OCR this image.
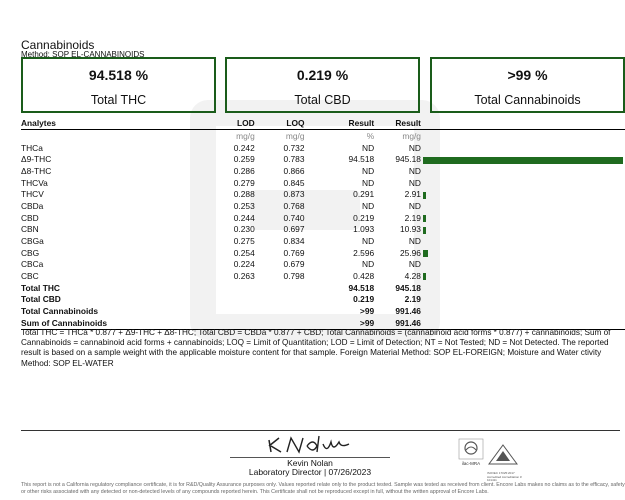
Cannabinoids
Method: SOP EL-CANNABINOIDS
94.518 %
Total THC
0.219 %
Total CBD
>99 %
Total Cannabinoids
Analytes	LOD	LOQ	Result	Result	
	mg/g	mg/g	%	mg/g	
THCa	0.242	0.732	ND	ND	
Δ9-THC	0.259	0.783	94.518	945.18	
Δ8-THC	0.286	0.866	ND	ND	
THCVa	0.279	0.845	ND	ND	
THCV	0.288	0.873	0.291	2.91	
CBDa	0.253	0.768	ND	ND	
CBD	0.244	0.740	0.219	2.19	
CBN	0.230	0.697	1.093	10.93	
CBGa	0.275	0.834	ND	ND	
CBG	0.254	0.769	2.596	25.96	
CBCa	0.224	0.679	ND	ND	
CBC	0.263	0.798	0.428	4.28	
Total THC			94.518	945.18	
Total CBD			0.219	2.19	
Total Cannabinoids			>99	991.46	
Sum of Cannabinoids			>99	991.46	
Total THC = THCa * 0.877 + Δ9-THC + Δ8-THC; Total CBD = CBDa * 0.877 + CBD; Total Cannabinoids = (cannabinoid acid forms * 0.877) + cannabinoids; Sum of Cannabinoids = cannabinoid acid forms + cannabinoids; LOQ = Limit of Quantitation; LOD = Limit of Detection; NT = Not Tested; ND = Not Detected. The reported result is based on a sample weight with the applicable moisture content for that sample. Foreign Material Method: SOP EL-FOREIGN; Moisture and Water ctivity Method: SOP EL-WATER
Kevin Nolan
Laboratory Director | 07/26/2023
ilac-MRA
ISO/IEC 17025:2017 Accredited Accreditation # 101411
This report is not a California regulatory compliance certificate, it is for R&D/Quality Assurance purposes only. Values reported relate only to the product tested. Sample was tested as received from client. Encore Labs makes no claims as to the efficacy, safety or other risks associated with any detected or non-detected levels of any compounds reported herein. This Certificate shall not be reproduced except in full, without the written approval of Encore Labs.
